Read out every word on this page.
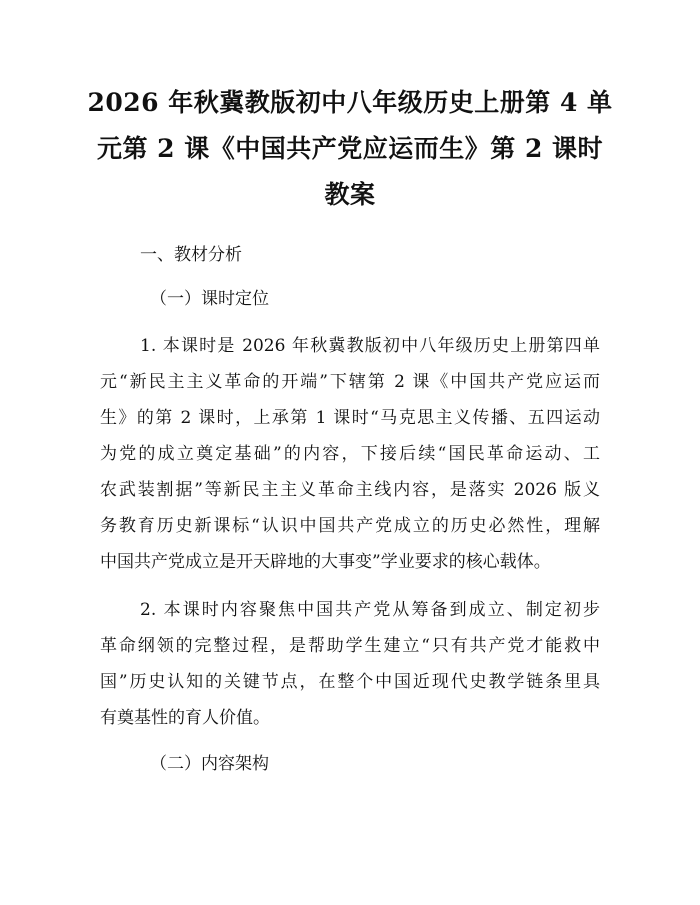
2026 年秋冀教版初中八年级历史上册第 4 单
元第 2 课《中国共产党应运而生》第 2 课时
教案

一、教材分析

（一）课时定位

1. 本课时是 2026 年秋冀教版初中八年级历史上册第四单
元“新民主主义革命的开端”下辖第 2 课《中国共产党应运而
生》的第 2 课时，上承第 1 课时“马克思主义传播、五四运动
为党的成立奠定基础”的内容，下接后续“国民革命运动、工
农武装割据”等新民主主义革命主线内容，是落实 2026 版义
务教育历史新课标“认识中国共产党成立的历史必然性，理解
中国共产党成立是开天辟地的大事变”学业要求的核心载体。

2. 本课时内容聚焦中国共产党从筹备到成立、制定初步
革命纲领的完整过程，是帮助学生建立“只有共产党才能救中
国”历史认知的关键节点，在整个中国近现代史教学链条里具
有奠基性的育人价值。

（二）内容架构
